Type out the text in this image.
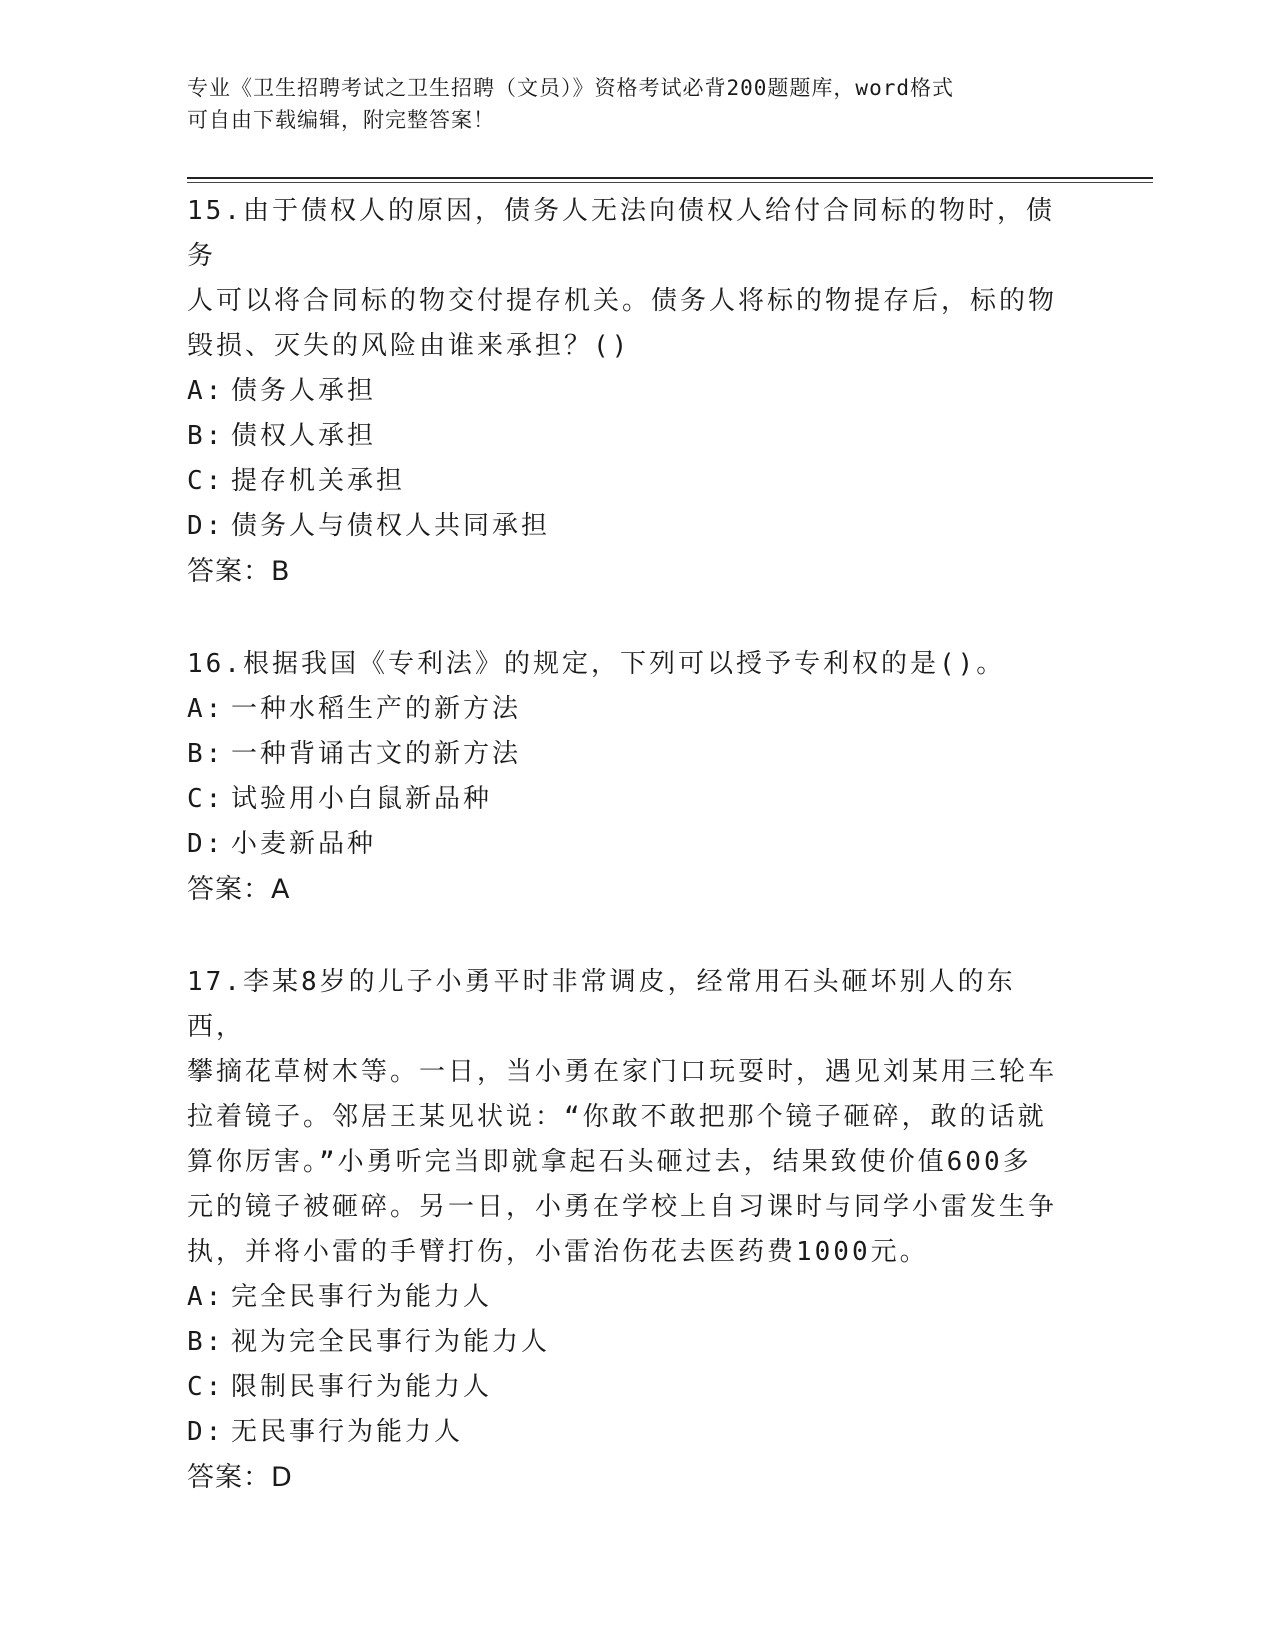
专业《卫生招聘考试之卫生招聘（文员）》资格考试必背200题题库，word格式
可自由下载编辑，附完整答案！

15.由于债权人的原因，债务人无法向债权人给付合同标的物时，债务

人可以将合同标的物交付提存机关。债务人将标的物提存后，标的物

毁损、灭失的风险由谁来承担？()

A: 债务人承担

B: 债权人承担

C: 提存机关承担

D: 债务人与债权人共同承担

答案：B

16.根据我国《专利法》的规定，下列可以授予专利权的是()。

A: 一种水稻生产的新方法

B: 一种背诵古文的新方法

C: 试验用小白鼠新品种

D: 小麦新品种

答案：A

17.李某8岁的儿子小勇平时非常调皮，经常用石头砸坏别人的东西，

攀摘花草树木等。一日，当小勇在家门口玩耍时，遇见刘某用三轮车

拉着镜子。邻居王某见状说：“你敢不敢把那个镜子砸碎，敢的话就

算你厉害。”小勇听完当即就拿起石头砸过去，结果致使价值600多

元的镜子被砸碎。另一日，小勇在学校上自习课时与同学小雷发生争

执，并将小雷的手臂打伤，小雷治伤花去医药费1000元。

A: 完全民事行为能力人

B: 视为完全民事行为能力人

C: 限制民事行为能力人

D: 无民事行为能力人

答案：D
